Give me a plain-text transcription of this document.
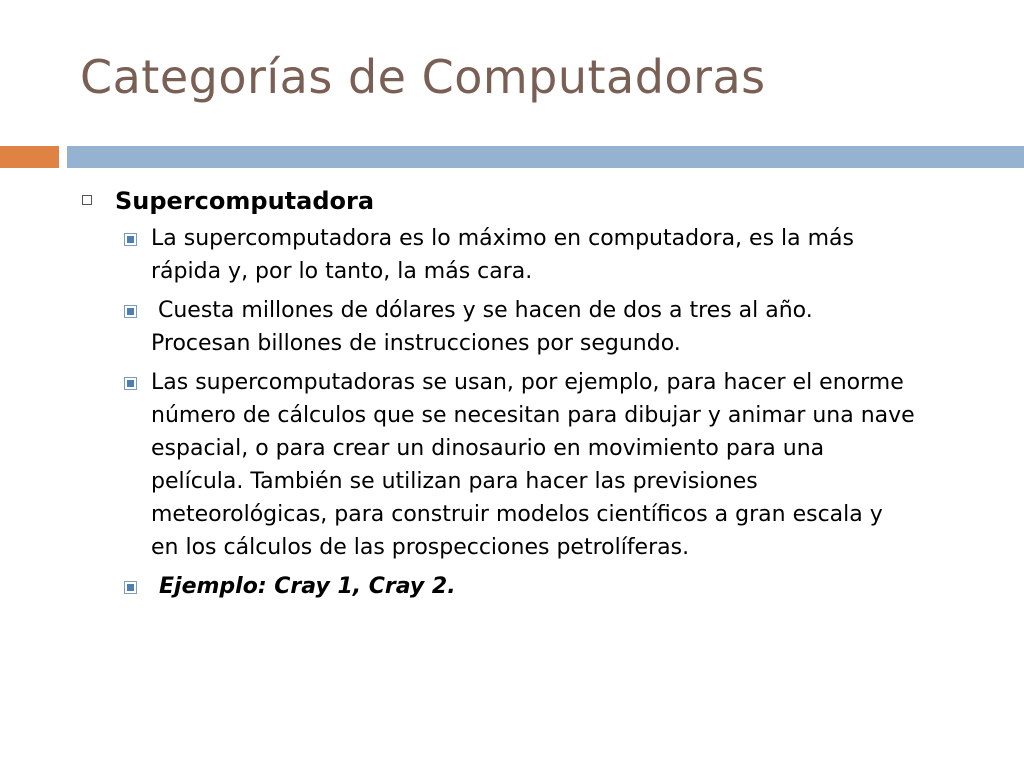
Categorías de Computadoras
Supercomputadora
La supercomputadora es lo máximo en computadora, es la más rápida y, por lo tanto, la más cara.
Cuesta millones de dólares y se hacen de dos a tres al año.  Procesan billones de instrucciones por segundo.
Las supercomputadoras se usan, por ejemplo, para hacer el enorme número de cálculos que se necesitan para dibujar y animar una nave espacial, o para crear un dinosaurio en movimiento para una película. También se utilizan para hacer las previsiones meteorológicas, para construir modelos científicos a gran escala y en los cálculos de las prospecciones petrolíferas.
Ejemplo: Cray 1, Cray 2.
